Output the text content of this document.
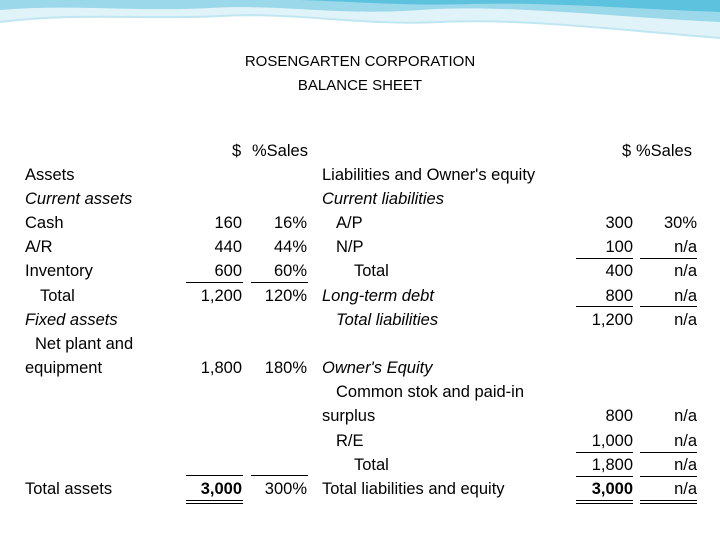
ROSENGARTEN CORPORATION
BALANCE SHEET
$ %Sales
Assets
Current assets
Cash
A/R
Inventory
Total
Fixed assets
Net plant and
equipment
Total assets
160 16%
440 44%
600 60%
1,200 120%
1,800 180%
3,000 300%
$ %Sales
Liabilities and Owner's equity
Current liabilities
A/P
N/P
Total
Long-term debt
Total liabilities
Owner's Equity
Common stok and paid-in
surplus
R/E
Total
Total liabilities and equity
300 30%
100 n/a
400 n/a
800 n/a
1,200 n/a
800 n/a
1,000 n/a
1,800 n/a
3,000 n/a
